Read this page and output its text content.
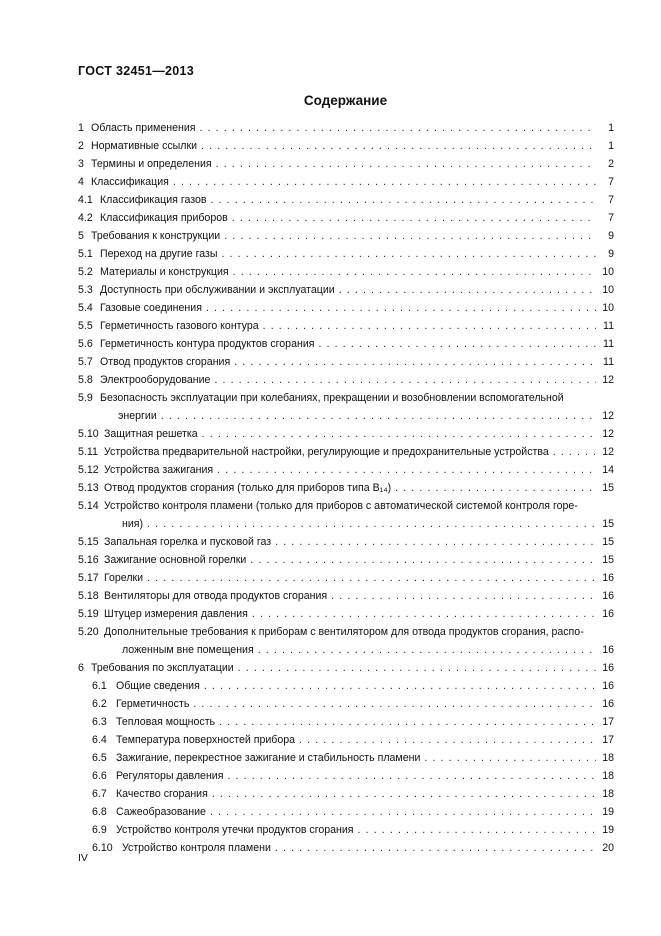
ГОСТ 32451—2013
Содержание
1 Область применения . . .	1
2 Нормативные ссылки . . .	1
3 Термины и определения . . .	2
4 Классификация . . .	7
4.1 Классификация газов . . .	7
4.2 Классификация приборов . . .	7
5 Требования к конструкции . . .	9
5.1 Переход на другие газы . . .	9
5.2 Материалы и конструкция . . .	10
5.3 Доступность при обслуживании и эксплуатации . . .	10
5.4 Газовые соединения . . .	10
5.5 Герметичность газового контура . . .	11
5.6 Герметичность контура продуктов сгорания . . .	11
5.7 Отвод продуктов сгорания . . .	11
5.8 Электрооборудование . . .	12
5.9 Безопасность эксплуатации при колебаниях, прекращении и возобновлении вспомогательной
энергии . . .	12
5.10 Защитная решетка . . .	12
5.11 Устройства предварительной настройки, регулирующие и предохранительные устройства . . .	12
5.12 Устройства зажигания . . .	14
5.13 Отвод продуктов сгорания (только для приборов типа B₁₄) . . .	15
5.14 Устройство контроля пламени (только для приборов с автоматической системой контроля горе-
ния) . . .	15
5.15 Запальная горелка и пусковой газ . . .	15
5.16 Зажигание основной горелки . . .	15
5.17 Горелки . . .	16
5.18 Вентиляторы для отвода продуктов сгорания . . .	16
5.19 Штуцер измерения давления . . .	16
5.20 Дополнительные требования к приборам с вентилятором для отвода продуктов сгорания, распо-
ложенным вне помещения . . .	16
6 Требования по эксплуатации . . .	16
6.1 Общие сведения . . .	16
6.2 Герметичность . . .	16
6.3 Тепловая мощность . . .	17
6.4 Температура поверхностей прибора . . .	17
6.5 Зажигание, перекрестное зажигание и стабильность пламени . . .	18
6.6 Регуляторы давления . . .	18
6.7 Качество сгорания . . .	18
6.8 Сажеобразование . . .	19
6.9 Устройство контроля утечки продуктов сгорания . . .	19
6.10 Устройство контроля пламени . . .	20
IV
